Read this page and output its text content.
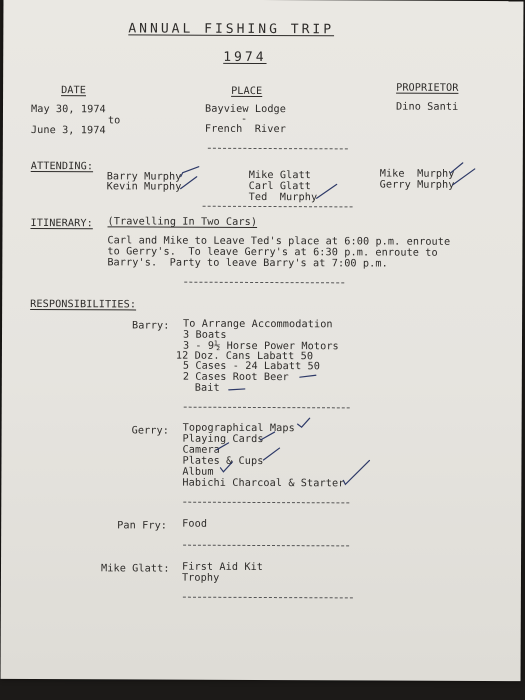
ANNUAL FISHING TRIP
1974
DATE	PLACE	PROPRIETOR
May 30, 1974
to
June 3, 1974
Bayview Lodge
-
French  River
Dino Santi
ATTENDING:
Barry Murphy
Kevin Murphy
Mike Glatt
Carl Glatt
Ted  Murphy
Mike  Murphy
Gerry Murphy
ITINERARY: (Travelling In Two Cars)
Carl and Mike to Leave Ted's place at 6:00 p.m. enroute
to Gerry's.  To leave Gerry's at 6:30 p.m. enroute to
Barry's.  Party to leave Barry's at 7:00 p.m.
RESPONSIBILITIES:
Barry: To Arrange Accommodation
3 Boats
3 - 9½ Horse Power Motors
12 Doz. Cans Labatt 50
5 Cases - 24 Labatt 50
2 Cases Root Beer
Bait
Gerry: Topographical Maps
Playing Cards
Camera
Plates & Cups
Album
Habichi Charcoal & Starter
Pan Fry: Food
Mike Glatt: First Aid Kit
Trophy
